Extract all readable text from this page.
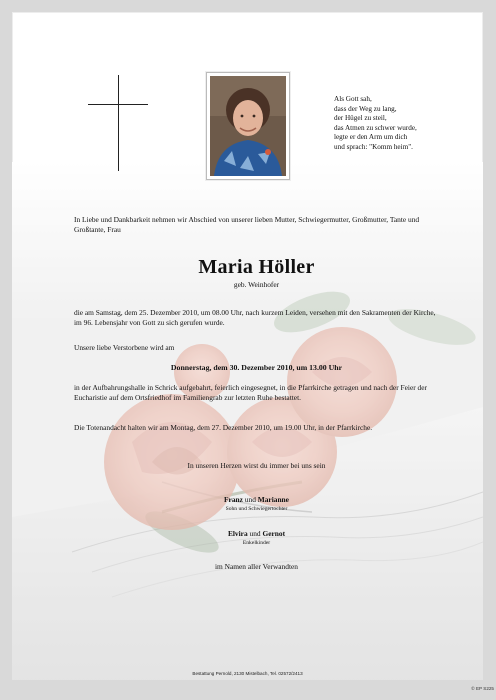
Als Gott sah,
dass der Weg zu lang,
der Hügel zu steil,
das Atmen zu schwer wurde,
legte er den Arm um dich
und sprach: "Komm heim".
In Liebe und Dankbarkeit nehmen wir Abschied von unserer lieben Mutter, Schwiegermutter, Großmutter, Tante und Großtante, Frau
Maria Höller
geb. Weinhofer
die am Samstag, dem 25. Dezember 2010, um 08.00 Uhr, nach kurzem Leiden, versehen mit den Sakramenten der Kirche, im 96. Lebensjahr von Gott zu sich gerufen wurde.
Unsere liebe Verstorbene wird am
Donnerstag, dem 30. Dezember 2010, um 13.00 Uhr
in der Aufbahrungshalle in Schrick aufgebahrt, feierlich eingesegnet, in die Pfarrkirche getragen und nach der Feier der Eucharistie auf dem Ortsfriedhof im Familiengrab zur letzten Ruhe bestattet.
Die Totenandacht halten wir am Montag, dem 27. Dezember 2010, um 19.00 Uhr, in der Pfarrkirche.
In unseren Herzen wirst du immer bei uns sein
Franz und Marianne
Sohn und Schwiegertochter
Elvira und Gernot
Enkelkinder
im Namen aller Verwandten
Bestattung Pernold, 2130 Mistelbach, Tel. 02572/2413
© EP S225
